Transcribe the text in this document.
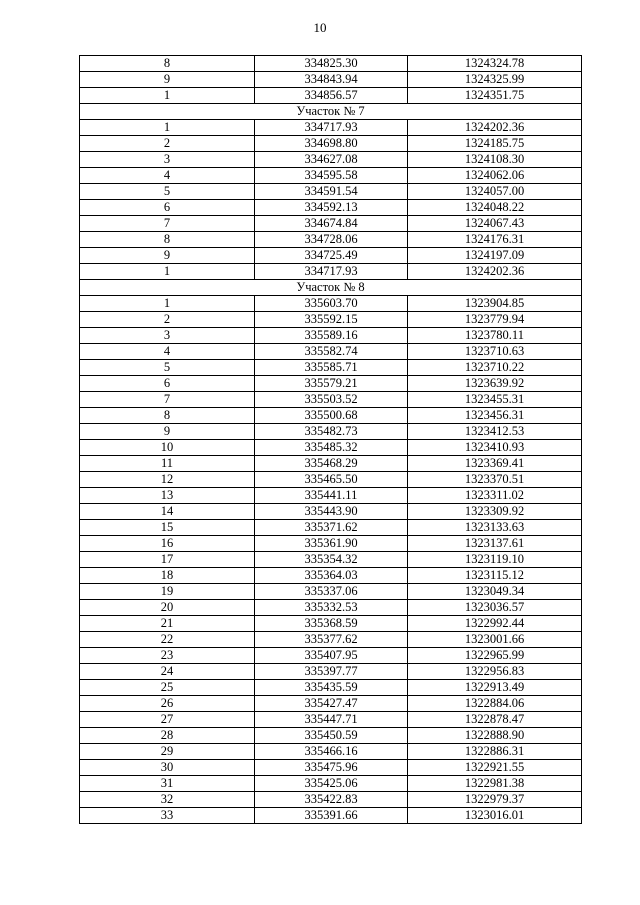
10
8	334825.30	1324324.78
9	334843.94	1324325.99
1	334856.57	1324351.75
Участок № 7		
1	334717.93	1324202.36
2	334698.80	1324185.75
3	334627.08	1324108.30
4	334595.58	1324062.06
5	334591.54	1324057.00
6	334592.13	1324048.22
7	334674.84	1324067.43
8	334728.06	1324176.31
9	334725.49	1324197.09
1	334717.93	1324202.36
Участок № 8		
1	335603.70	1323904.85
2	335592.15	1323779.94
3	335589.16	1323780.11
4	335582.74	1323710.63
5	335585.71	1323710.22
6	335579.21	1323639.92
7	335503.52	1323455.31
8	335500.68	1323456.31
9	335482.73	1323412.53
10	335485.32	1323410.93
11	335468.29	1323369.41
12	335465.50	1323370.51
13	335441.11	1323311.02
14	335443.90	1323309.92
15	335371.62	1323133.63
16	335361.90	1323137.61
17	335354.32	1323119.10
18	335364.03	1323115.12
19	335337.06	1323049.34
20	335332.53	1323036.57
21	335368.59	1322992.44
22	335377.62	1323001.66
23	335407.95	1322965.99
24	335397.77	1322956.83
25	335435.59	1322913.49
26	335427.47	1322884.06
27	335447.71	1322878.47
28	335450.59	1322888.90
29	335466.16	1322886.31
30	335475.96	1322921.55
31	335425.06	1322981.38
32	335422.83	1322979.37
33	335391.66	1323016.01
